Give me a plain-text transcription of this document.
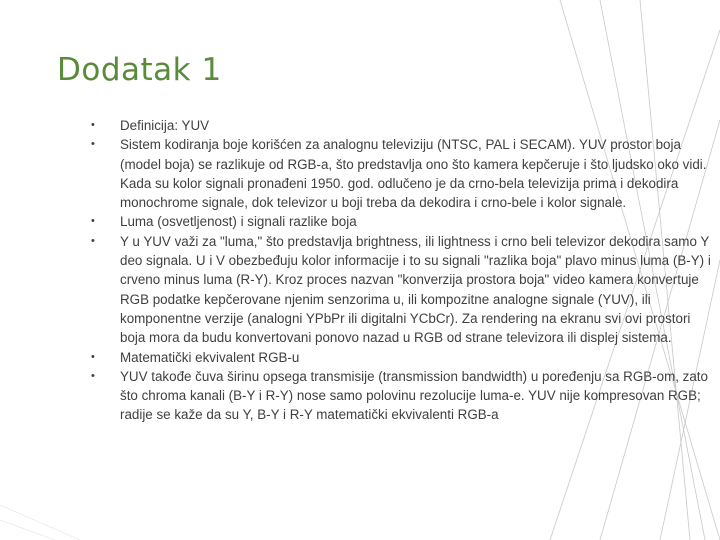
Dodatak 1
• Definicija: YUV
• Sistem kodiranja boje korišćen za analognu televiziju (NTSC, PAL i SECAM). YUV prostor boja (model boja) se razlikuje od RGB-a, što predstavlja ono što kamera kepčeruje i što ljudsko oko vidi. Kada su kolor signali pronađeni 1950. god. odlučeno je da crno-bela televizija prima i dekodira monochrome signale, dok televizor u boji treba da dekodira i crno-bele i kolor signale.
• Luma (osvetljenost) i signali razlike boja
• Y u YUV važi za "luma," što predstavlja brightness, ili lightness i crno beli televizor dekodira samo Y deo signala. U i V obezbeđuju kolor informacije i to su signali "razlika boja" plavo minus luma (B-Y) i crveno minus luma (R-Y). Kroz proces nazvan "konverzija prostora boja" video kamera konvertuje RGB podatke kepčerovane njenim senzorima u, ili kompozitne analogne signale (YUV), ili komponentne verzije (analogni YPbPr ili digitalni YCbCr). Za rendering na ekranu svi ovi prostori boja mora da budu konvertovani ponovo nazad u RGB od strane televizora ili displej sistema.
• Matematički ekvivalent RGB-u
• YUV takođe čuva širinu opsega transmisije (transmission bandwidth) u poređenju sa RGB-om, zato što chroma kanali (B-Y i R-Y) nose samo polovinu rezolucije luma-e. YUV nije kompresovan RGB; radije se kaže da su Y, B-Y i R-Y matematički ekvivalenti RGB-a
